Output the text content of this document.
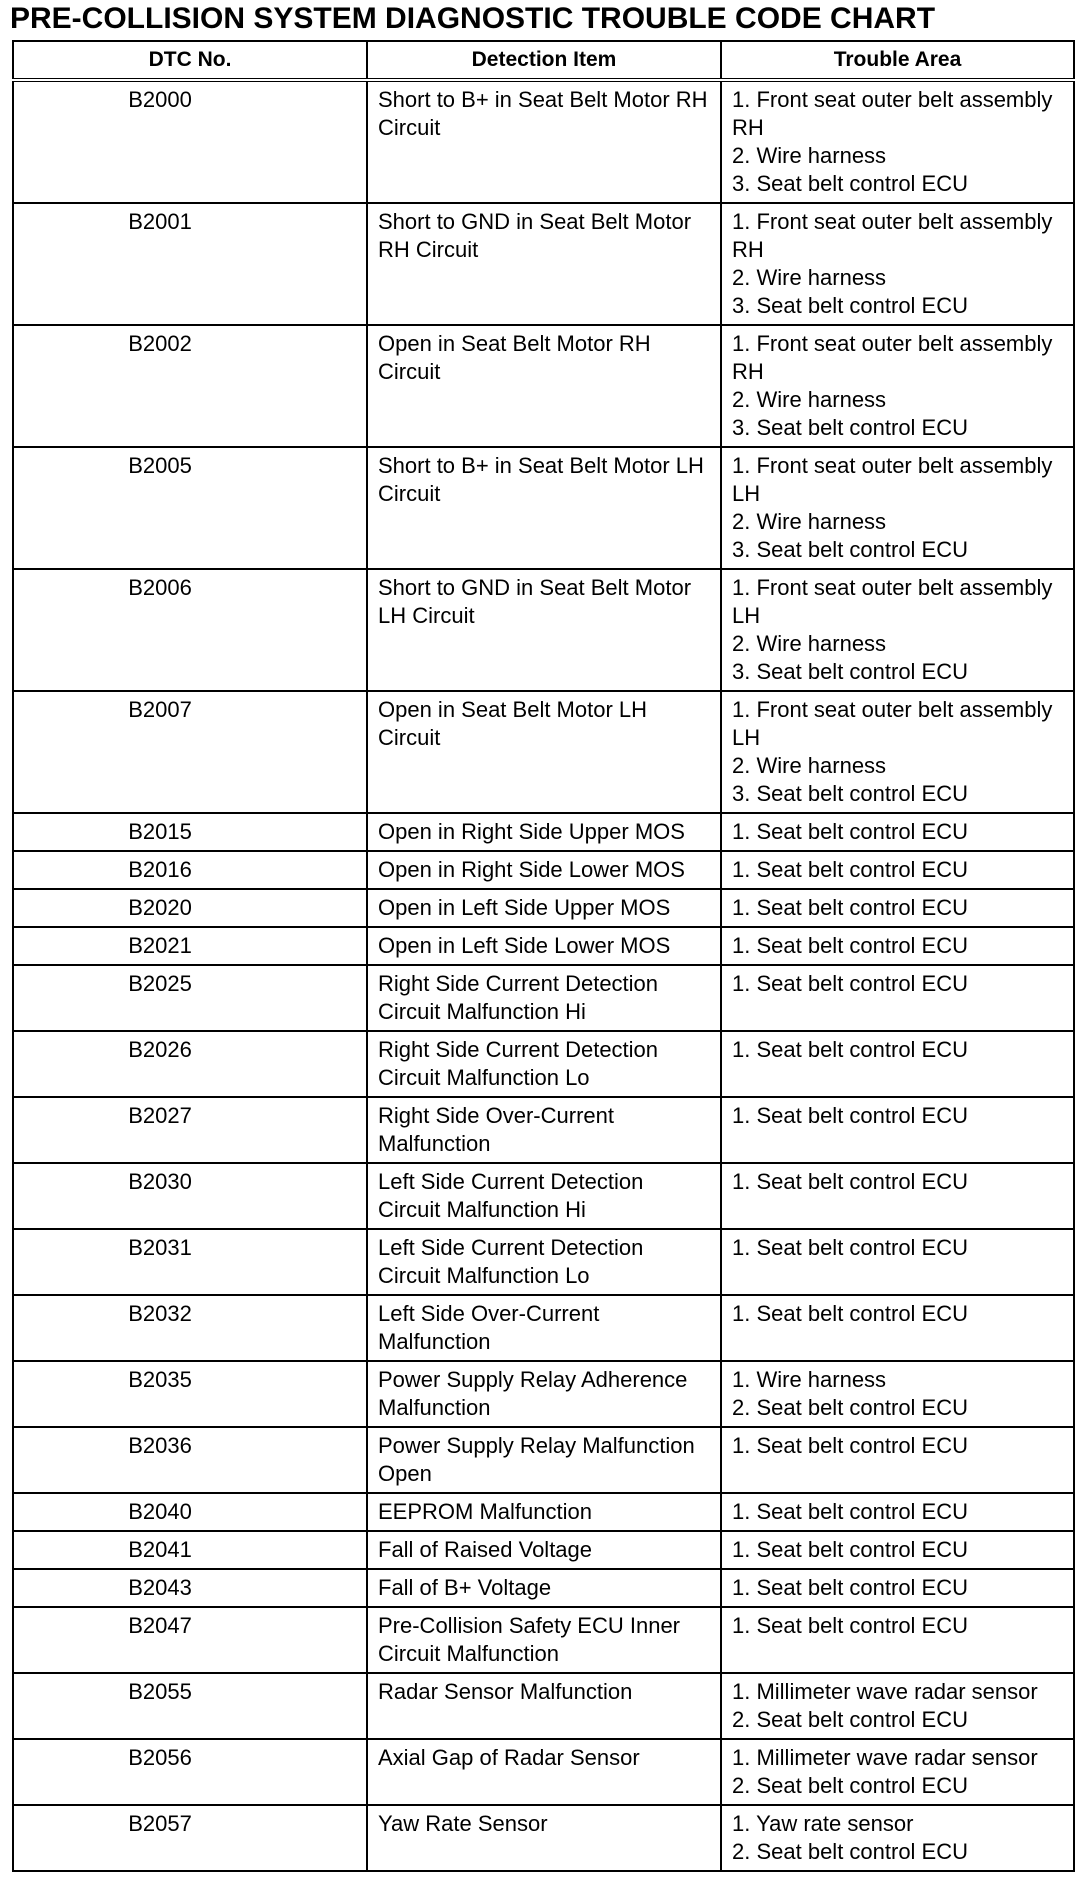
PRE-COLLISION SYSTEM DIAGNOSTIC TROUBLE CODE CHART
DTC No.	Detection Item	Trouble Area
B2000	Short to B+ in Seat Belt Motor RH Circuit	1. Front seat outer belt assembly
RH
2. Wire harness
3. Seat belt control ECU

B2001	Short to GND in Seat Belt Motor RH Circuit	1. Front seat outer belt assembly
RH
2. Wire harness
3. Seat belt control ECU

B2002	Open in Seat Belt Motor RH Circuit	1. Front seat outer belt assembly
RH
2. Wire harness
3. Seat belt control ECU

B2005	Short to B+ in Seat Belt Motor LH Circuit	1. Front seat outer belt assembly
LH
2. Wire harness
3. Seat belt control ECU

B2006	Short to GND in Seat Belt Motor LH Circuit	1. Front seat outer belt assembly
LH
2. Wire harness
3. Seat belt control ECU

B2007	Open in Seat Belt Motor LH Circuit	1. Front seat outer belt assembly
LH
2. Wire harness
3. Seat belt control ECU

B2015	Open in Right Side Upper MOS	1. Seat belt control ECU

B2016	Open in Right Side Lower MOS	1. Seat belt control ECU

B2020	Open in Left Side Upper MOS	1. Seat belt control ECU

B2021	Open in Left Side Lower MOS	1. Seat belt control ECU

B2025	Right Side Current Detection Circuit Malfunction Hi	1. Seat belt control ECU

B2026	Right Side Current Detection Circuit Malfunction Lo	1. Seat belt control ECU

B2027	Right Side Over-Current Malfunction	1. Seat belt control ECU

B2030	Left Side Current Detection Circuit Malfunction Hi	1. Seat belt control ECU

B2031	Left Side Current Detection Circuit Malfunction Lo	1. Seat belt control ECU

B2032	Left Side Over-Current Malfunction	1. Seat belt control ECU

B2035	Power Supply Relay Adherence Malfunction	1. Wire harness
2. Seat belt control ECU

B2036	Power Supply Relay Malfunction Open	1. Seat belt control ECU

B2040	EEPROM Malfunction	1. Seat belt control ECU

B2041	Fall of Raised Voltage	1. Seat belt control ECU

B2043	Fall of B+ Voltage	1. Seat belt control ECU

B2047	Pre-Collision Safety ECU Inner Circuit Malfunction	1. Seat belt control ECU

B2055	Radar Sensor Malfunction	1. Millimeter wave radar sensor
2. Seat belt control ECU

B2056	Axial Gap of Radar Sensor	1. Millimeter wave radar sensor
2. Seat belt control ECU

B2057	Yaw Rate Sensor	1. Yaw rate sensor
2. Seat belt control ECU
